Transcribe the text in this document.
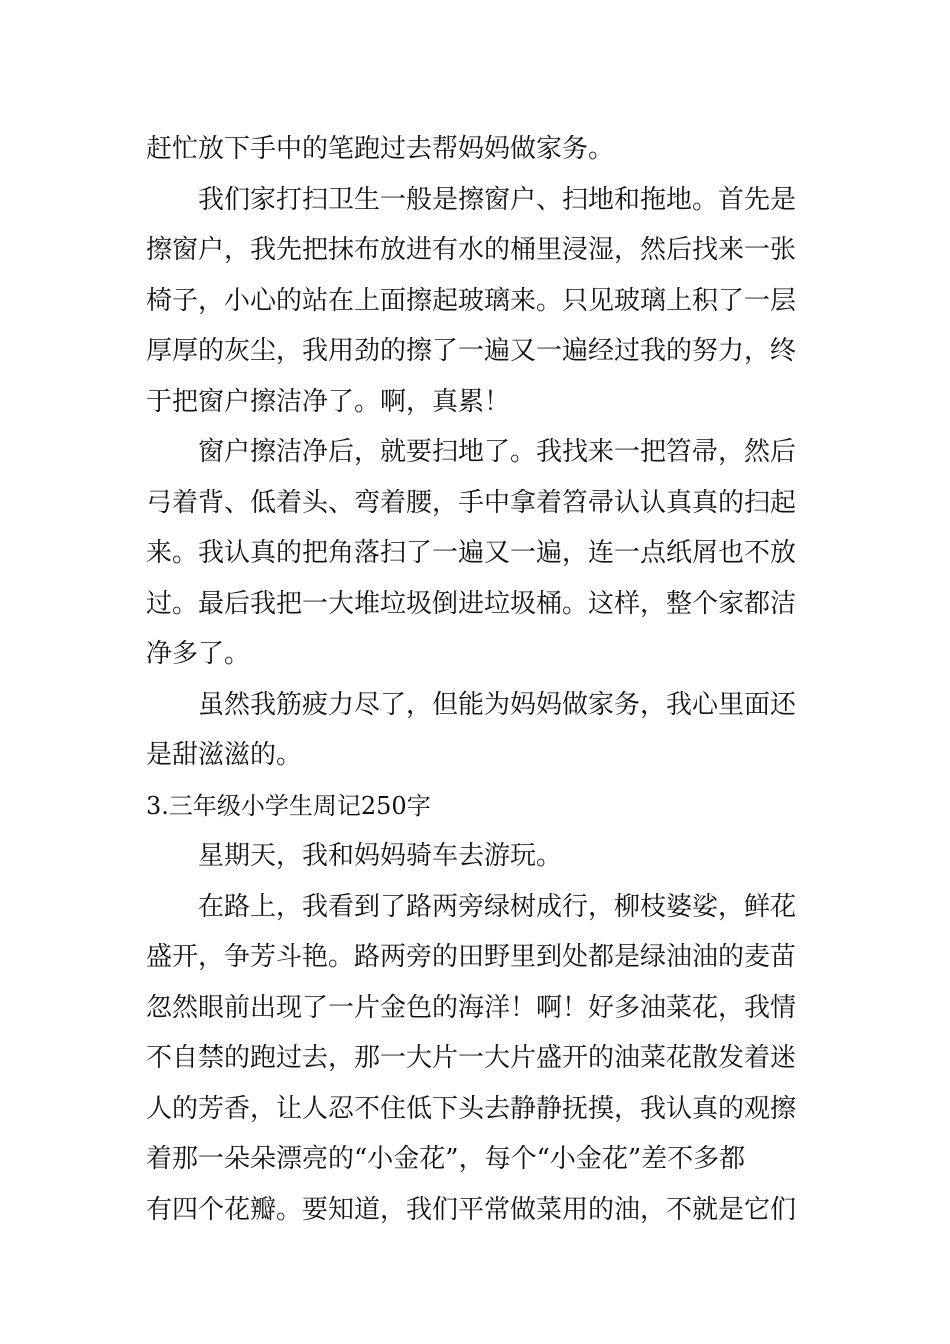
赶忙放下手中的笔跑过去帮妈妈做家务。
我们家打扫卫生一般是擦窗户、扫地和拖地。首先是
擦窗户，我先把抹布放进有水的桶里浸湿，然后找来一张
椅子，小心的站在上面擦起玻璃来。只见玻璃上积了一层
厚厚的灰尘，我用劲的擦了一遍又一遍经过我的努力，终
于把窗户擦洁净了。啊，真累！
窗户擦洁净后，就要扫地了。我找来一把笤帚，然后
弓着背、低着头、弯着腰，手中拿着笤帚认认真真的扫起
来。我认真的把角落扫了一遍又一遍，连一点纸屑也不放
过。最后我把一大堆垃圾倒进垃圾桶。这样，整个家都洁
净多了。
虽然我筋疲力尽了，但能为妈妈做家务，我心里面还
是甜滋滋的。
3.三年级小学生周记250字
星期天，我和妈妈骑车去游玩。
在路上，我看到了路两旁绿树成行，柳枝婆娑，鲜花
盛开，争芳斗艳。路两旁的田野里到处都是绿油油的麦苗
忽然眼前出现了一片金色的海洋！啊！好多油菜花，我情
不自禁的跑过去，那一大片一大片盛开的油菜花散发着迷
人的芳香，让人忍不住低下头去静静抚摸，我认真的观擦
着那一朵朵漂亮的“小金花”，每个“小金花”差不多都
有四个花瓣。要知道，我们平常做菜用的油，不就是它们
